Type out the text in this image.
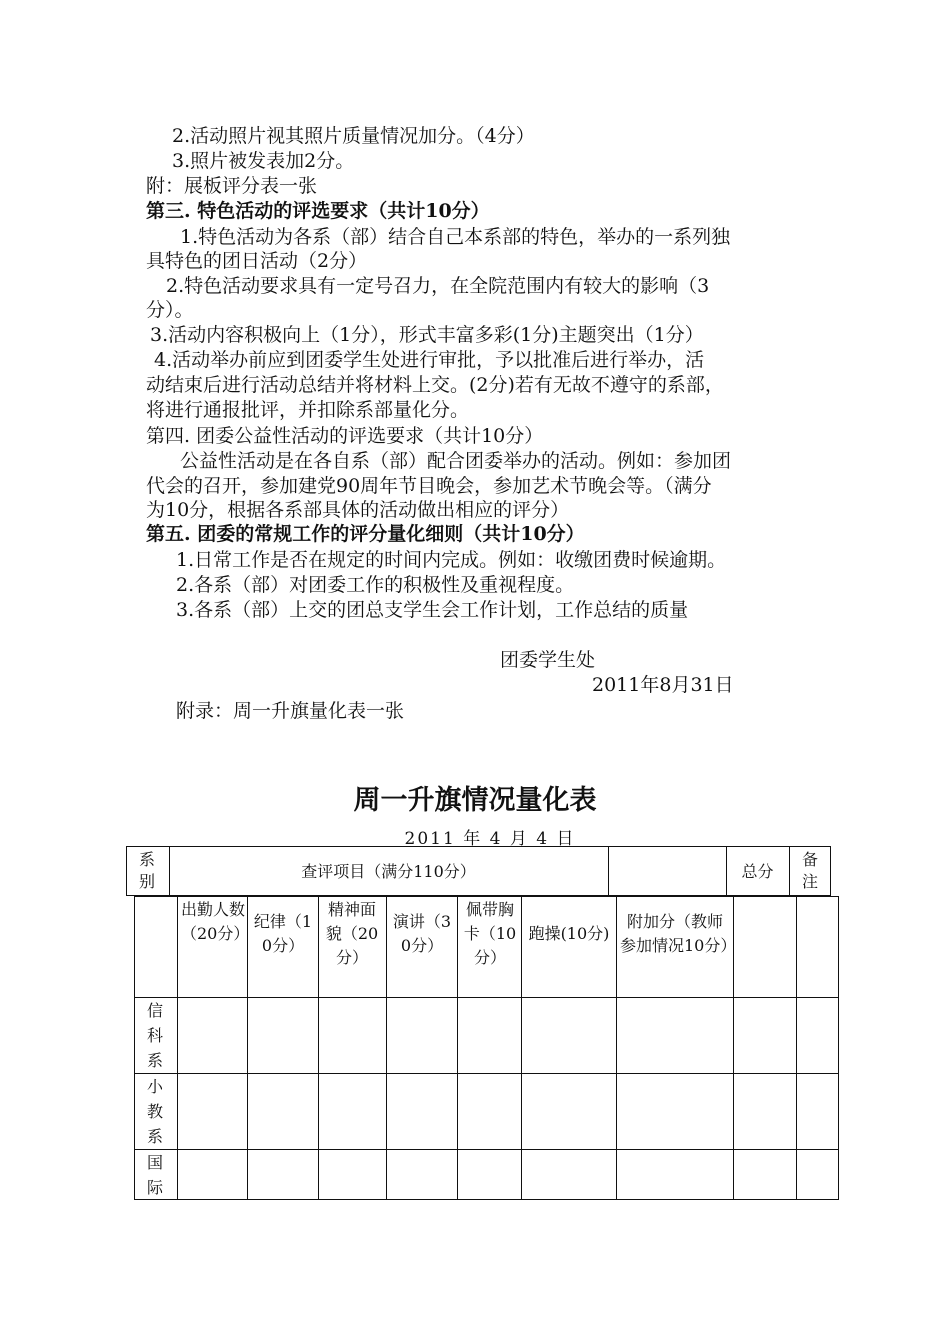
2.活动照片视其照片质量情况加分。（4分）
3.照片被发表加2分。
附：展板评分表一张
第三. 特色活动的评选要求（共计10分）
1.特色活动为各系（部）结合自己本系部的特色，举办的一系列独
具特色的团日活动（2分）
2.特色活动要求具有一定号召力，在全院范围内有较大的影响（3
分）。
3.活动内容积极向上（1分），形式丰富多彩(1分)主题突出（1分）
4.活动举办前应到团委学生处进行审批，予以批准后进行举办，活
动结束后进行活动总结并将材料上交。(2分)若有无故不遵守的系部，
将进行通报批评，并扣除系部量化分。
第四. 团委公益性活动的评选要求（共计10分）
公益性活动是在各自系（部）配合团委举办的活动。例如：参加团
代会的召开，参加建党90周年节目晚会，参加艺术节晚会等。（满分
为10分，根据各系部具体的活动做出相应的评分）
第五. 团委的常规工作的评分量化细则（共计10分）
1.日常工作是否在规定的时间内完成。例如：收缴团费时候逾期。
2.各系（部）对团委工作的积极性及重视程度。
3.各系（部）上交的团总支学生会工作计划，工作总结的质量
团委学生处
2011年8月31日
附录：周一升旗量化表一张
周一升旗情况量化表
2011 年 4 月 4 日
系别
查评项目（满分110分）	总分
备注
出勤人数（20分）
纪律（10分）
精神面貌（20分）
演讲（30分）
佩带胸卡（10分）
跑操(10分)
附加分（教师参加情况10分）
信科系
小教系
国际
